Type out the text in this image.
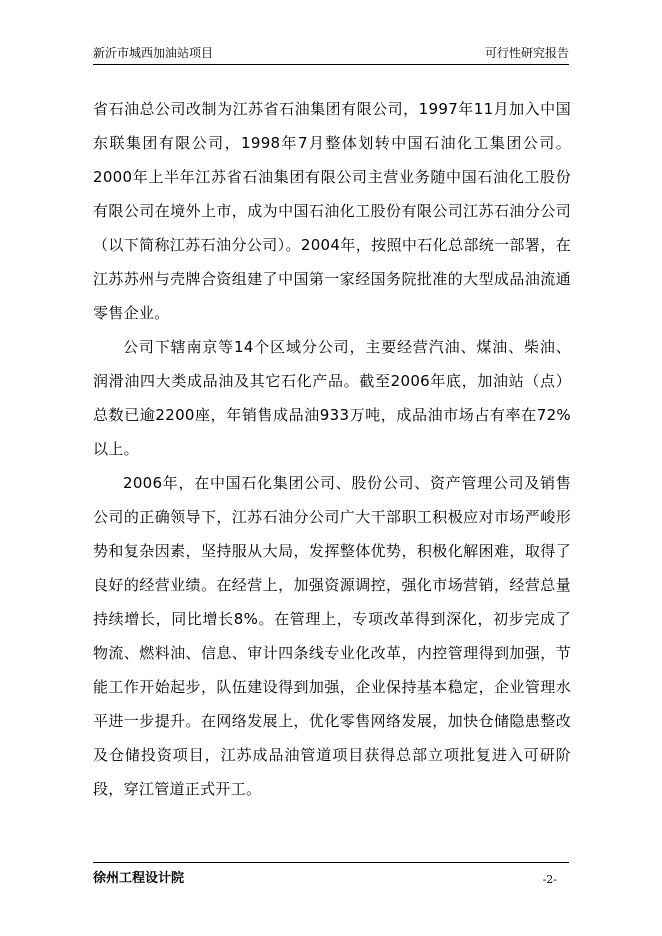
新沂市城西加油站项目	可行性研究报告

省石油总公司改制为江苏省石油集团有限公司，1997年11月加入中国东联集团有限公司，1998年7月整体划转中国石油化工集团公司。2000年上半年江苏省石油集团有限公司主营业务随中国石油化工股份有限公司在境外上市，成为中国石油化工股份有限公司江苏石油分公司（以下简称江苏石油分公司）。2004年，按照中石化总部统一部署，在江苏苏州与壳牌合资组建了中国第一家经国务院批准的大型成品油流通零售企业。

公司下辖南京等14个区域分公司，主要经营汽油、煤油、柴油、润滑油四大类成品油及其它石化产品。截至2006年底，加油站（点）总数已逾2200座，年销售成品油933万吨，成品油市场占有率在72%以上。

2006年，在中国石化集团公司、股份公司、资产管理公司及销售公司的正确领导下，江苏石油分公司广大干部职工积极应对市场严峻形势和复杂因素，坚持服从大局，发挥整体优势，积极化解困难，取得了良好的经营业绩。在经营上，加强资源调控，强化市场营销，经营总量持续增长，同比增长8%。在管理上，专项改革得到深化，初步完成了物流、燃料油、信息、审计四条线专业化改革，内控管理得到加强，节能工作开始起步，队伍建设得到加强，企业保持基本稳定，企业管理水平进一步提升。在网络发展上，优化零售网络发展，加快仓储隐患整改及仓储投资项目，江苏成品油管道项目获得总部立项批复进入可研阶段，穿江管道正式开工。

徐州工程设计院	-2-
